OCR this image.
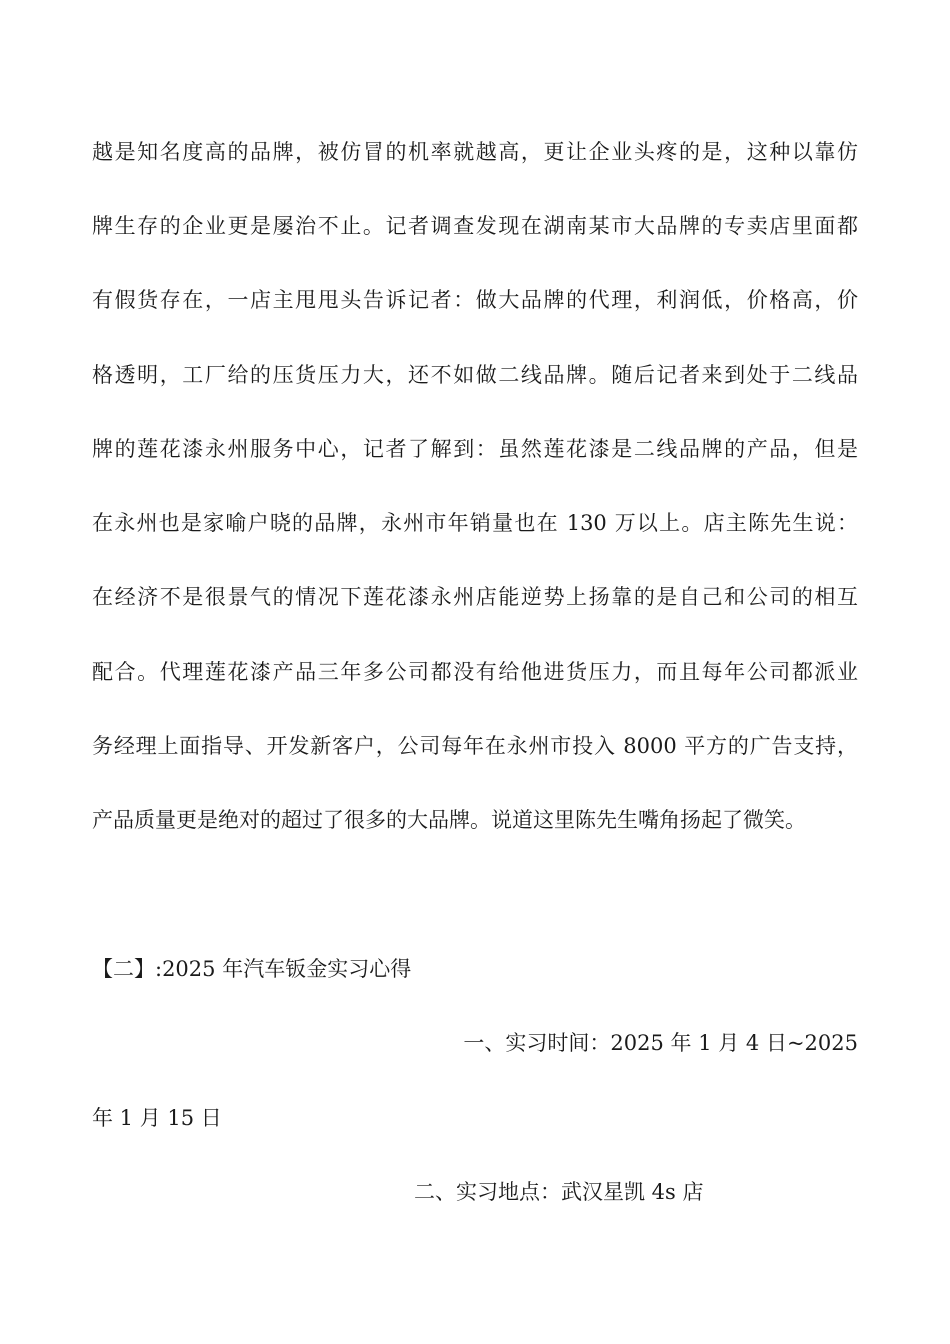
越是知名度高的品牌，被仿冒的机率就越高，更让企业头疼的是，这种以靠仿
牌生存的企业更是屡治不止。记者调查发现在湖南某市大品牌的专卖店里面都
有假货存在，一店主甩甩头告诉记者：做大品牌的代理，利润低，价格高，价
格透明，工厂给的压货压力大，还不如做二线品牌。随后记者来到处于二线品
牌的莲花漆永州服务中心，记者了解到：虽然莲花漆是二线品牌的产品，但是
在永州也是家喻户晓的品牌，永州市年销量也在 130 万以上。店主陈先生说：
在经济不是很景气的情况下莲花漆永州店能逆势上扬靠的是自己和公司的相互
配合。代理莲花漆产品三年多公司都没有给他进货压力，而且每年公司都派业
务经理上面指导、开发新客户，公司每年在永州市投入 8000 平方的广告支持，
产品质量更是绝对的超过了很多的大品牌。说道这里陈先生嘴角扬起了微笑。
【二】:2025 年汽车钣金实习心得
一、实习时间：2025 年 1 月 4 日~2025
年 1 月 15 日
二、实习地点：武汉星凯 4s 店
